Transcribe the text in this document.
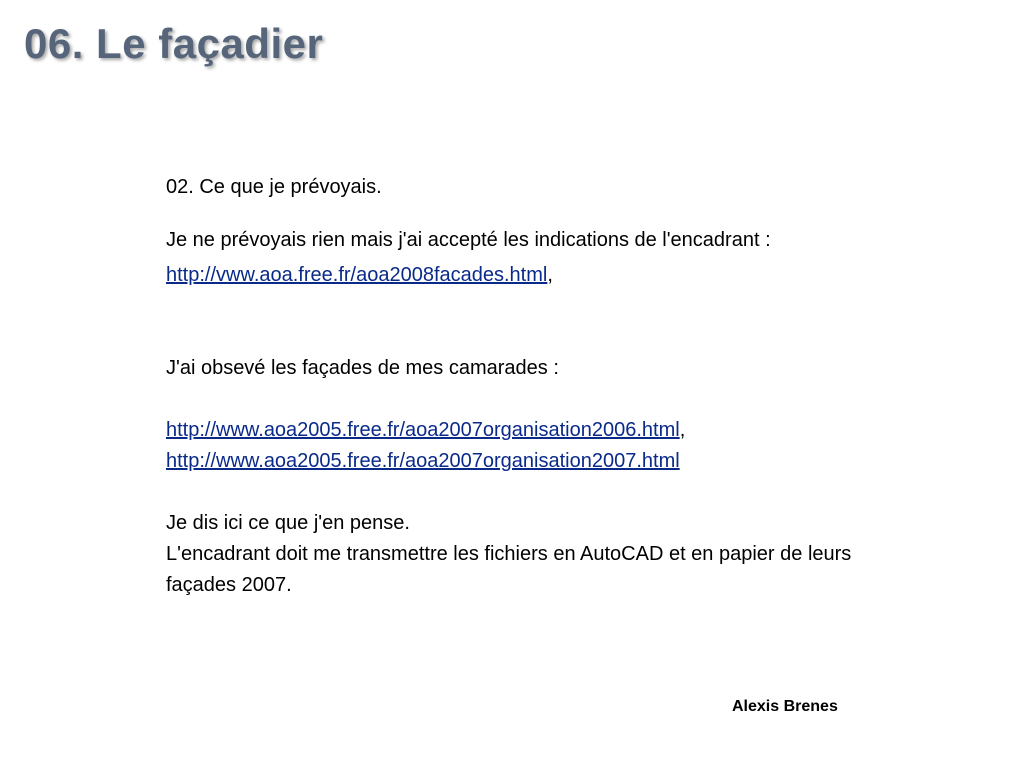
06. Le façadier

02. Ce que je prévoyais.

Je ne prévoyais rien mais j'ai accepté les indications de l'encadrant :

http://vww.aoa.free.fr/aoa2008facades.html,

J'ai obsevé les façades de mes camarades :

http://www.aoa2005.free.fr/aoa2007organisation2006.html,

http://www.aoa2005.free.fr/aoa2007organisation2007.html

Je dis ici ce que j'en pense.

L'encadrant doit me transmettre les fichiers en AutoCAD et en papier de leurs façades 2007.

Alexis Brenes
